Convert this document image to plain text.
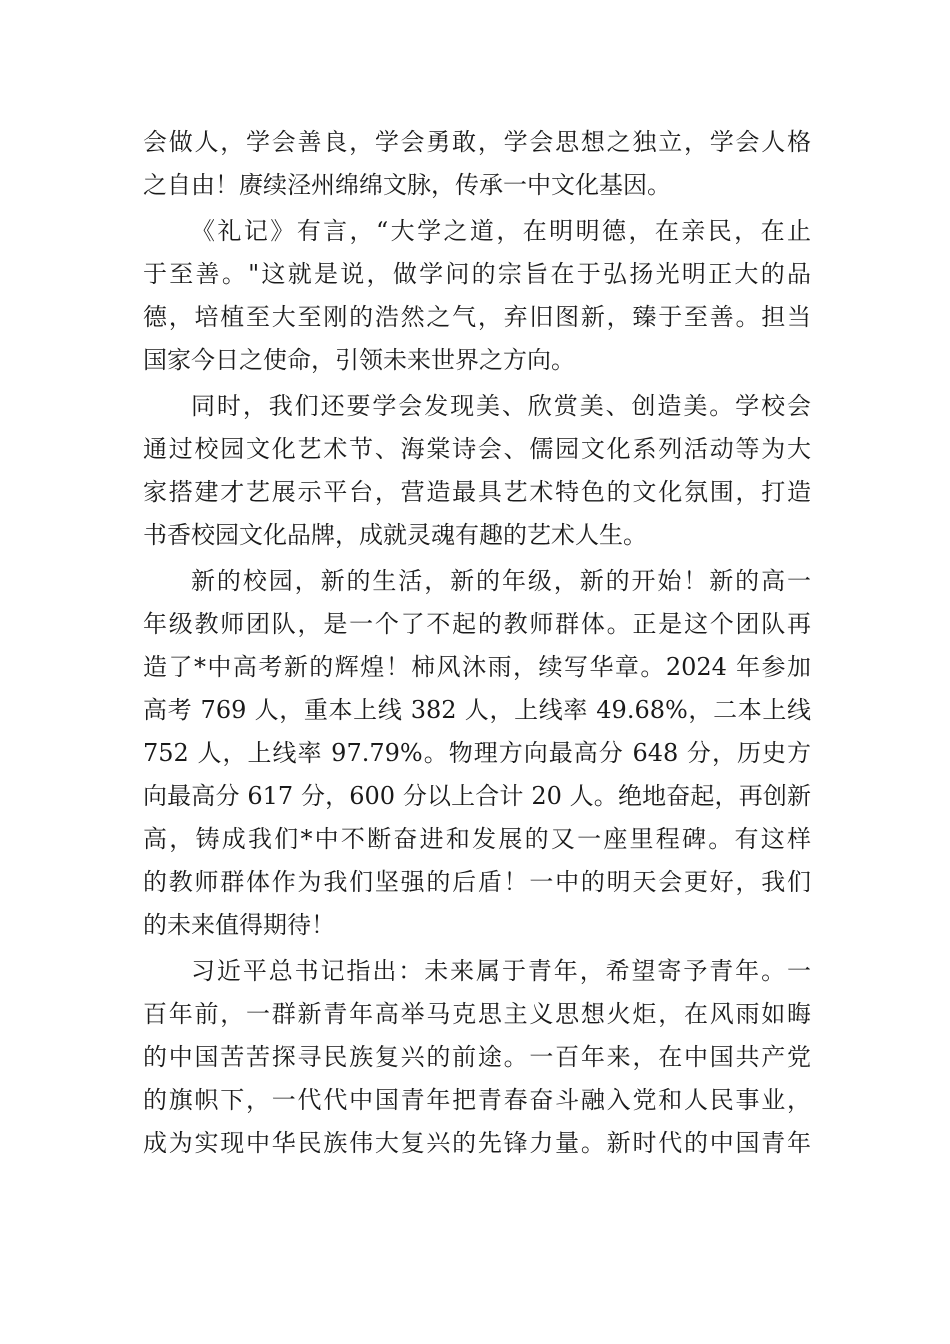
会做人，学会善良，学会勇敢，学会思想之独立，学会人格
之自由！赓续泾州绵绵文脉，传承一中文化基因。
《礼记》有言，“大学之道，在明明德，在亲民，在止
于至善。"这就是说，做学问的宗旨在于弘扬光明正大的品
德，培植至大至刚的浩然之气，弃旧图新，臻于至善。担当
国家今日之使命，引领未来世界之方向。
同时，我们还要学会发现美、欣赏美、创造美。学校会
通过校园文化艺术节、海棠诗会、儒园文化系列活动等为大
家搭建才艺展示平台，营造最具艺术特色的文化氛围，打造
书香校园文化品牌，成就灵魂有趣的艺术人生。
新的校园，新的生活，新的年级，新的开始！新的高一
年级教师团队，是一个了不起的教师群体。正是这个团队再
造了*中高考新的辉煌！柿风沐雨，续写华章。2024 年参加
高考 769 人，重本上线 382 人，上线率 49.68%，二本上线
752 人，上线率 97.79%。物理方向最高分 648 分，历史方
向最高分 617 分，600 分以上合计 20 人。绝地奋起，再创新
高，铸成我们*中不断奋进和发展的又一座里程碑。有这样
的教师群体作为我们坚强的后盾！一中的明天会更好，我们
的未来值得期待！
习近平总书记指出：未来属于青年，希望寄予青年。一
百年前，一群新青年高举马克思主义思想火炬，在风雨如晦
的中国苦苦探寻民族复兴的前途。一百年来，在中国共产党
的旗帜下，一代代中国青年把青春奋斗融入党和人民事业，
成为实现中华民族伟大复兴的先锋力量。新时代的中国青年
